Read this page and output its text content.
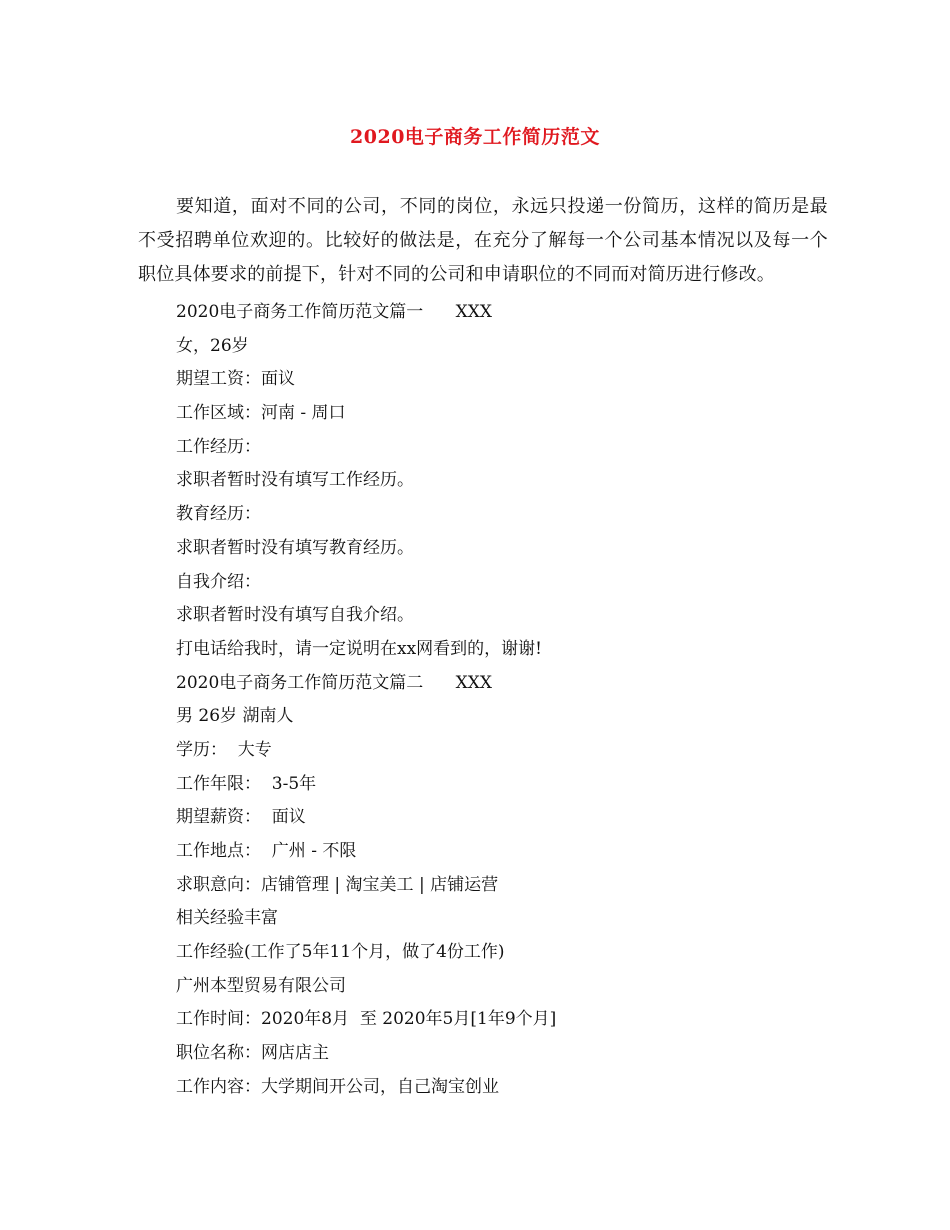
2020电子商务工作简历范文
要知道，面对不同的公司，不同的岗位，永远只投递一份简历，这样的简历是最不受招聘单位欢迎的。比较好的做法是，在充分了解每一个公司基本情况以及每一个职位具体要求的前提下，针对不同的公司和申请职位的不同而对简历进行修改。
2020电子商务工作简历范文篇一      XXX
女，26岁
期望工资：面议
工作区域：河南 - 周口
工作经历：
求职者暂时没有填写工作经历。
教育经历：
求职者暂时没有填写教育经历。
自我介绍：
求职者暂时没有填写自我介绍。
打电话给我时，请一定说明在xx网看到的，谢谢!
2020电子商务工作简历范文篇二      XXX
男 26岁 湖南人
学历：  大专
工作年限：  3-5年
期望薪资：  面议
工作地点：  广州 - 不限
求职意向：店铺管理 | 淘宝美工 | 店铺运营
相关经验丰富
工作经验(工作了5年11个月，做了4份工作)
广州本型贸易有限公司
工作时间：2020年8月  至 2020年5月[1年9个月]
职位名称：网店店主
工作内容：大学期间开公司，自己淘宝创业
